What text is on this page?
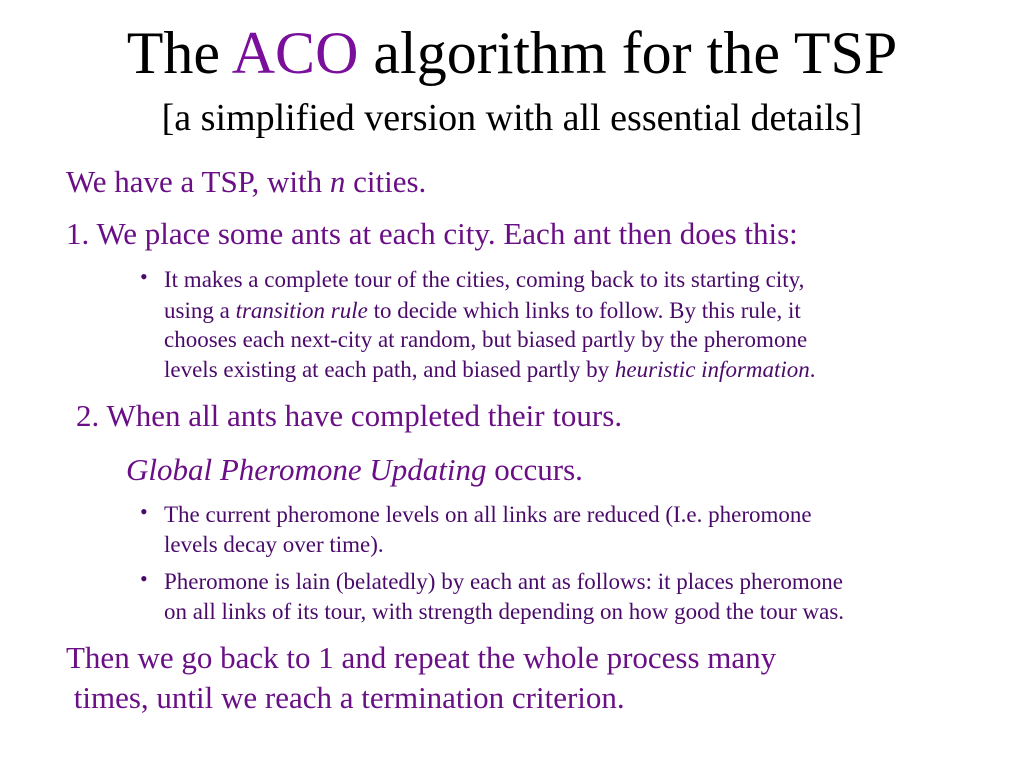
The ACO algorithm for the TSP
[a simplified version with all essential details]
We have a TSP, with n cities.
1. We place some ants at each city. Each ant then does this:
• It makes a complete tour of the cities, coming back to its starting city,
using a transition rule to decide which links to follow. By this rule, it
chooses each next-city at random, but biased partly by the pheromone
levels existing at each path, and biased partly by heuristic information.
2. When all ants have completed their tours.
Global Pheromone Updating occurs.
• The current pheromone levels on all links are reduced (I.e. pheromone
levels decay over time).
• Pheromone is lain (belatedly) by each ant as follows: it places pheromone
on all links of its tour, with strength depending on how good the tour was.
Then we go back to 1 and repeat the whole process many
times, until we reach a termination criterion.
